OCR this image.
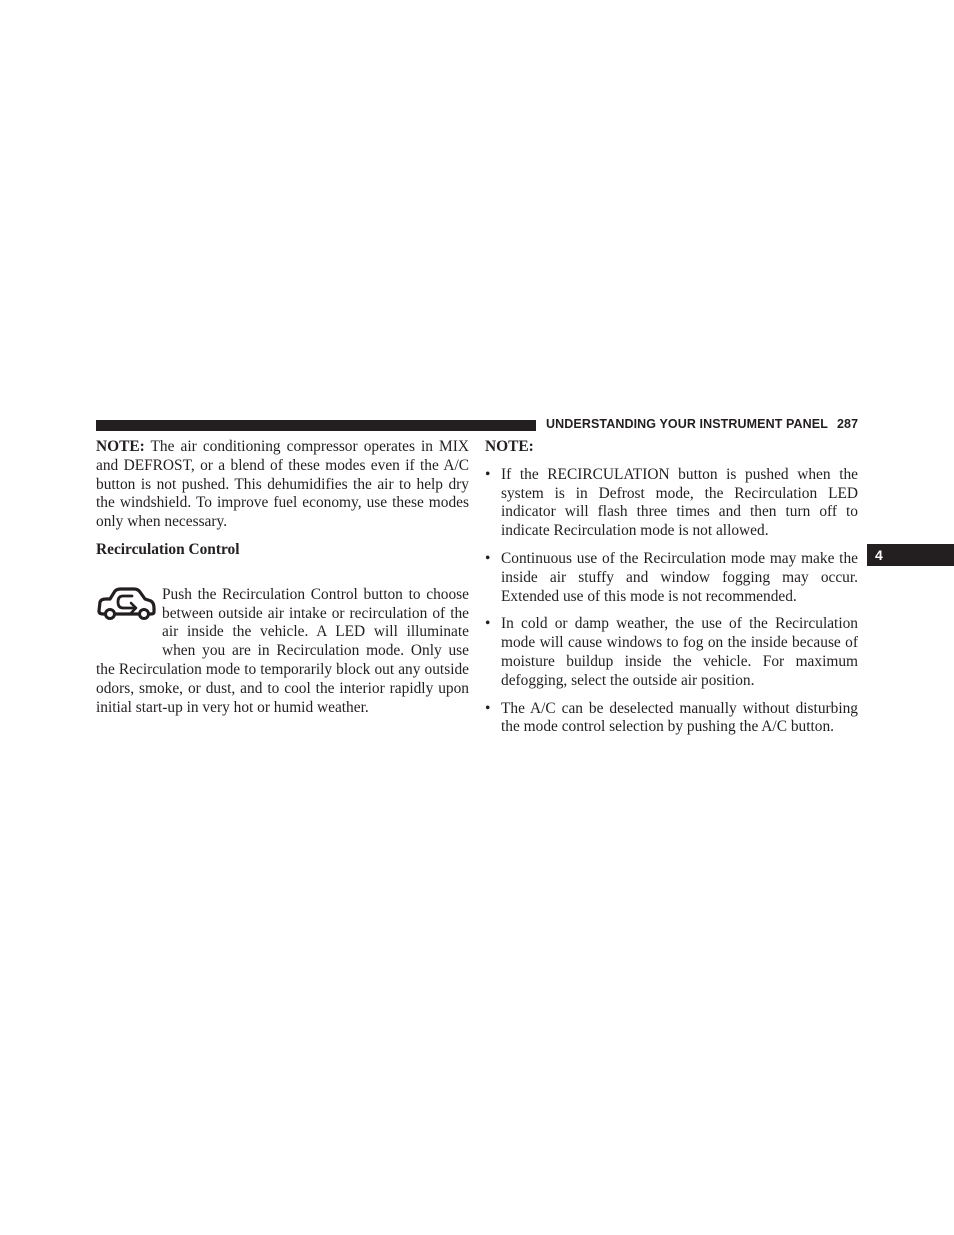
UNDERSTANDING YOUR INSTRUMENT PANEL 287
4

NOTE: The air conditioning compressor operates in MIX and DEFROST, or a blend of these modes even if the A/C button is not pushed. This dehumidifies the air to help dry the windshield. To improve fuel economy, use these modes only when necessary.

Recirculation Control

Push the Recirculation Control button to choose between outside air intake or recirculation of the air inside the vehicle. A LED will illuminate when you are in Recirculation mode. Only use the Recirculation mode to temporarily block out any outside odors, smoke, or dust, and to cool the interior rapidly upon initial start-up in very hot or humid weather.

NOTE:

• If the RECIRCULATION button is pushed when the system is in Defrost mode, the Recirculation LED indicator will flash three times and then turn off to indicate Recirculation mode is not allowed.
• Continuous use of the Recirculation mode may make the inside air stuffy and window fogging may occur. Extended use of this mode is not recommended.
• In cold or damp weather, the use of the Recirculation mode will cause windows to fog on the inside because of moisture buildup inside the vehicle. For maximum defogging, select the outside air position.
• The A/C can be deselected manually without disturbing the mode control selection by pushing the A/C button.
